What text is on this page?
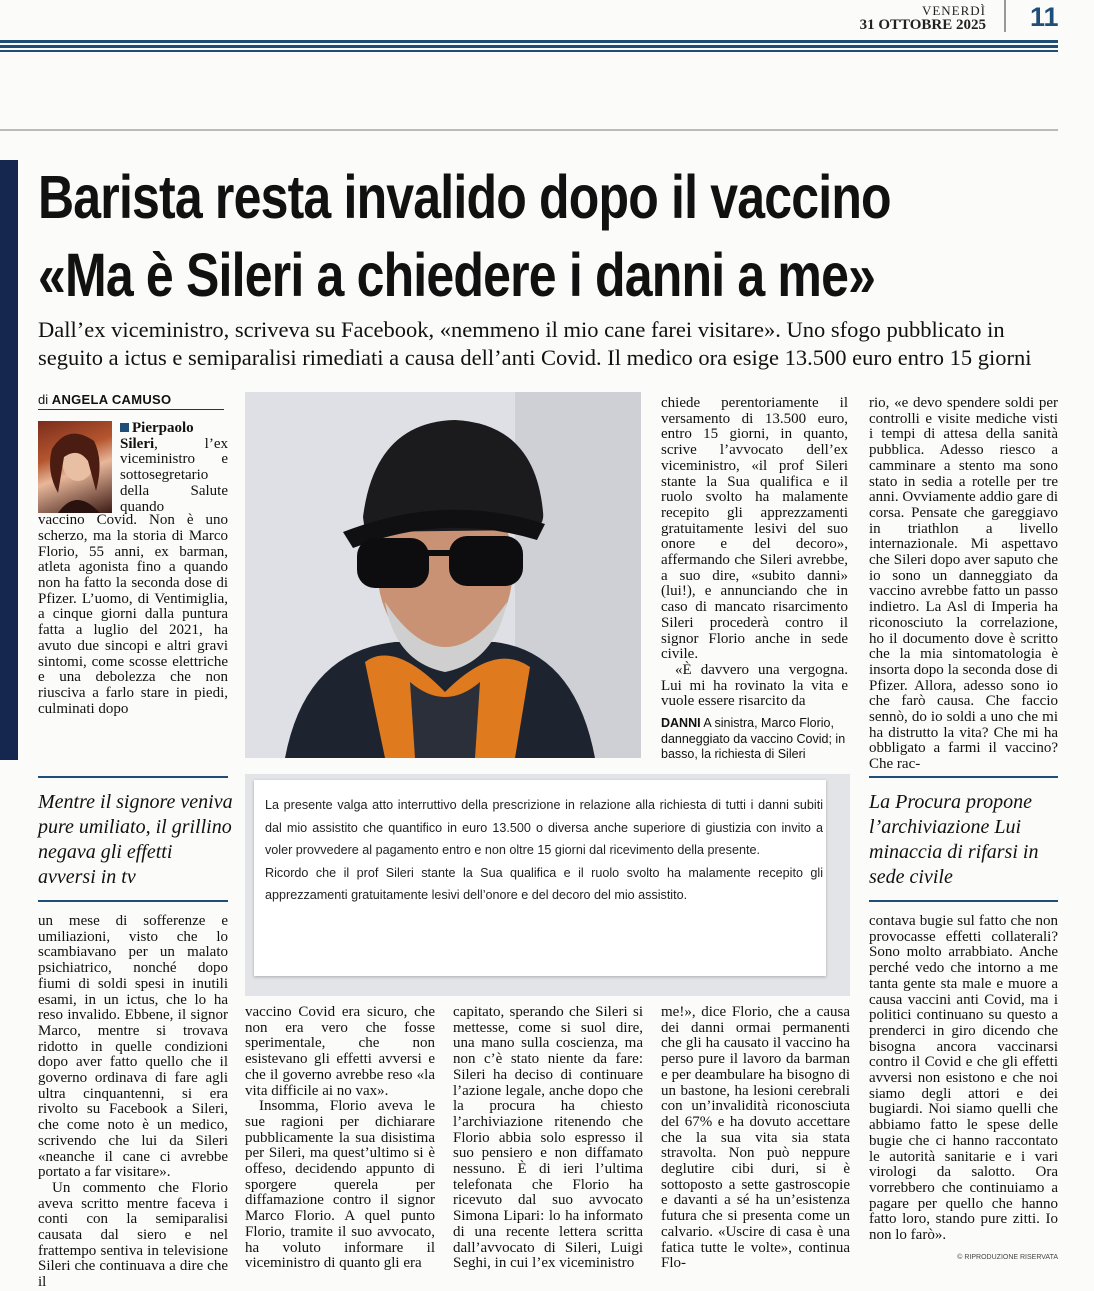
VENERDÌ
31 OTTOBRE 2025 11
Barista resta invalido dopo il vaccino
«Ma è Sileri a chiedere i danni a me»
Dall’ex viceministro, scriveva su Facebook, «nemmeno il mio cane farei visitare». Uno sfogo pubblicato in seguito a ictus e semiparalisi rimediati a causa dell’anti Covid. Il medico ora esige 13.500 euro entro 15 giorni
di ANGELA CAMUSO
Pierpaolo Sileri, l’ex viceministro e sottosegretario della Salute quando
vaccino Covid. Non è uno scherzo, ma la storia di Marco Florio, 55 anni, ex barman, atleta agonista fino a quando non ha fatto la seconda dose di Pfizer. L’uomo, di Ventimiglia, a cinque giorni dalla puntura fatta a luglio del 2021, ha avuto due sincopi e altri gravi sintomi, come scosse elettriche e una debolezza che non riusciva a farlo stare in piedi, culminati dopo
chiede perentoriamente il versamento di 13.500 euro, entro 15 giorni, in quanto, scrive l’avvocato dell’ex viceministro, «il prof Sileri stante la Sua qualifica e il ruolo svolto ha malamente recepito gli apprezzamenti gratuitamente lesivi del suo onore e del decoro», affermando che Sileri avrebbe, a suo dire, «subito danni» (lui!), e annunciando che in caso di mancato risarcimento Sileri procederà contro il signor Florio anche in sede civile.
«È davvero una vergogna. Lui mi ha rovinato la vita e vuole essere risarcito da
DANNI A sinistra, Marco Florio, danneggiato da vaccino Covid; in basso, la richiesta di Sileri
rio, «e devo spendere soldi per controlli e visite mediche visti i tempi di attesa della sanità pubblica. Adesso riesco a camminare a stento ma sono stato in sedia a rotelle per tre anni. Ovviamente addio gare di corsa. Pensate che gareggiavo in triathlon a livello internazionale. Mi aspettavo che Sileri dopo aver saputo che io sono un danneggiato da vaccino avrebbe fatto un passo indietro. La Asl di Imperia ha riconosciuto la correlazione, ho il documento dove è scritto che la mia sintomatologia è insorta dopo la seconda dose di Pfizer. Allora, adesso sono io che farò causa. Che faccio sennò, do io soldi a uno che mi ha distrutto la vita? Che mi ha obbligato a farmi il vaccino? Che rac-
Mentre il signore veniva pure umiliato, il grillino negava gli effetti avversi in tv
La Procura propone l’archiviazione Lui minaccia di rifarsi in sede civile
La presente valga atto interruttivo della prescrizione in relazione alla richiesta di tutti i danni subiti dal mio assistito che quantifico in euro 13.500 o diversa anche superiore di giustizia con invito a voler provvedere al pagamento entro e non oltre 15 giorni dal ricevimento della presente.
Ricordo che il prof Sileri stante la Sua qualifica e il ruolo svolto ha malamente recepito gli apprezzamenti gratuitamente lesivi dell’onore e del decoro del mio assistito.
un mese di sofferenze e umiliazioni, visto che lo scambiavano per un malato psichiatrico, nonché dopo fiumi di soldi spesi in inutili esami, in un ictus, che lo ha reso invalido. Ebbene, il signor Marco, mentre si trovava ridotto in quelle condizioni dopo aver fatto quello che il governo ordinava di fare agli ultra cinquantenni, si era rivolto su Facebook a Sileri, che come noto è un medico, scrivendo che lui da Sileri «neanche il cane ci avrebbe portato a far visitare».
Un commento che Florio aveva scritto mentre faceva i conti con la semiparalisi causata dal siero e nel frattempo sentiva in televisione Sileri che continuava a dire che il
vaccino Covid era sicuro, che non era vero che fosse sperimentale, che non esistevano gli effetti avversi e che il governo avrebbe reso «la vita difficile ai no vax».
Insomma, Florio aveva le sue ragioni per dichiarare pubblicamente la sua disistima per Sileri, ma quest’ultimo si è offeso, decidendo appunto di sporgere querela per diffamazione contro il signor Marco Florio. A quel punto Florio, tramite il suo avvocato, ha voluto informare il viceministro di quanto gli era
capitato, sperando che Sileri si mettesse, come si suol dire, una mano sulla coscienza, ma non c’è stato niente da fare: Sileri ha deciso di continuare l’azione legale, anche dopo che la procura ha chiesto l’archiviazione ritenendo che Florio abbia solo espresso il suo pensiero e non diffamato nessuno. È di ieri l’ultima telefonata che Florio ha ricevuto dal suo avvocato Simona Lipari: lo ha informato di una recente lettera scritta dall’avvocato di Sileri, Luigi Seghi, in cui l’ex viceministro
me!», dice Florio, che a causa dei danni ormai permanenti che gli ha causato il vaccino ha perso pure il lavoro da barman e per deambulare ha bisogno di un bastone, ha lesioni cerebrali con un’invalidità riconosciuta del 67% e ha dovuto accettare che la sua vita sia stata stravolta. Non può neppure deglutire cibi duri, si è sottoposto a sette gastroscopie e davanti a sé ha un’esistenza futura che si presenta come un calvario. «Uscire di casa è una fatica tutte le volte», continua Flo-
contava bugie sul fatto che non provocasse effetti collaterali? Sono molto arrabbiato. Anche perché vedo che intorno a me tanta gente sta male e muore a causa vaccini anti Covid, ma i politici continuano su questo a prenderci in giro dicendo che bisogna ancora vaccinarsi contro il Covid e che gli effetti avversi non esistono e che noi siamo degli attori e dei bugiardi. Noi siamo quelli che abbiamo fatto le spese delle bugie che ci hanno raccontato le autorità sanitarie e i vari virologi da salotto. Ora vorrebbero che continuiamo a pagare per quello che hanno fatto loro, stando pure zitti. Io non lo farò».
© RIPRODUZIONE RISERVATA
